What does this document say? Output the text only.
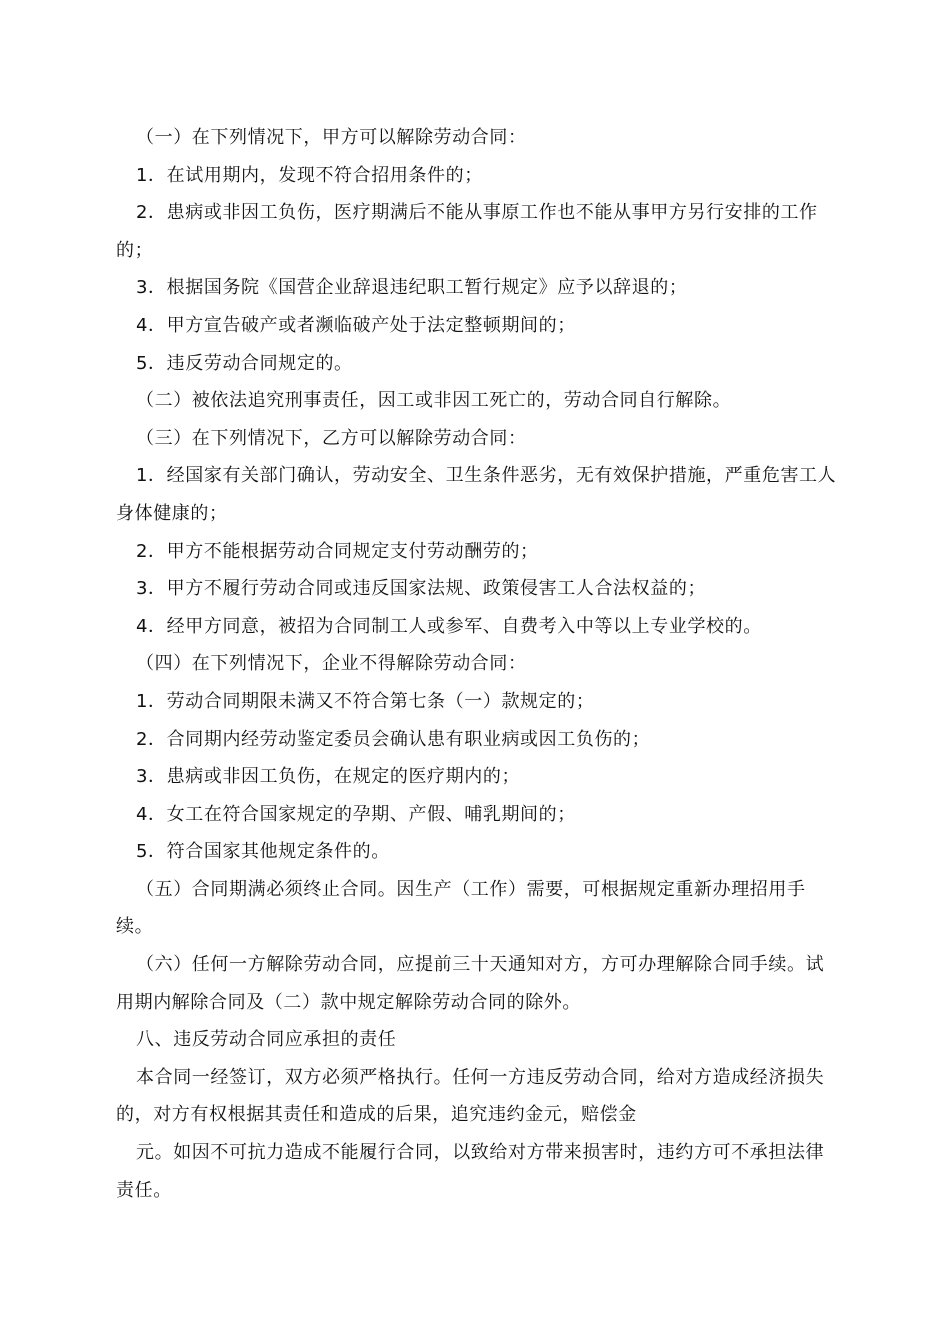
（一）在下列情况下，甲方可以解除劳动合同：

1．在试用期内，发现不符合招用条件的；

2．患病或非因工负伤，医疗期满后不能从事原工作也不能从事甲方另行安排的工作的；

3．根据国务院《国营企业辞退违纪职工暂行规定》应予以辞退的；

4．甲方宣告破产或者濒临破产处于法定整顿期间的；

5．违反劳动合同规定的。

（二）被依法追究刑事责任，因工或非因工死亡的，劳动合同自行解除。

（三）在下列情况下，乙方可以解除劳动合同：

1．经国家有关部门确认，劳动安全、卫生条件恶劣，无有效保护措施，严重危害工人身体健康的；

2．甲方不能根据劳动合同规定支付劳动酬劳的；

3．甲方不履行劳动合同或违反国家法规、政策侵害工人合法权益的；

4．经甲方同意，被招为合同制工人或参军、自费考入中等以上专业学校的。

（四）在下列情况下，企业不得解除劳动合同：

1．劳动合同期限未满又不符合第七条（一）款规定的；

2．合同期内经劳动鉴定委员会确认患有职业病或因工负伤的；

3．患病或非因工负伤，在规定的医疗期内的；

4．女工在符合国家规定的孕期、产假、哺乳期间的；

5．符合国家其他规定条件的。

（五）合同期满必须终止合同。因生产（工作）需要，可根据规定重新办理招用手续。

（六）任何一方解除劳动合同，应提前三十天通知对方，方可办理解除合同手续。试用期内解除合同及（二）款中规定解除劳动合同的除外。

八、违反劳动合同应承担的责任

本合同一经签订，双方必须严格执行。任何一方违反劳动合同，给对方造成经济损失的，对方有权根据其责任和造成的后果，追究违约金元，赔偿金

元。如因不可抗力造成不能履行合同，以致给对方带来损害时，违约方可不承担法律责任。
